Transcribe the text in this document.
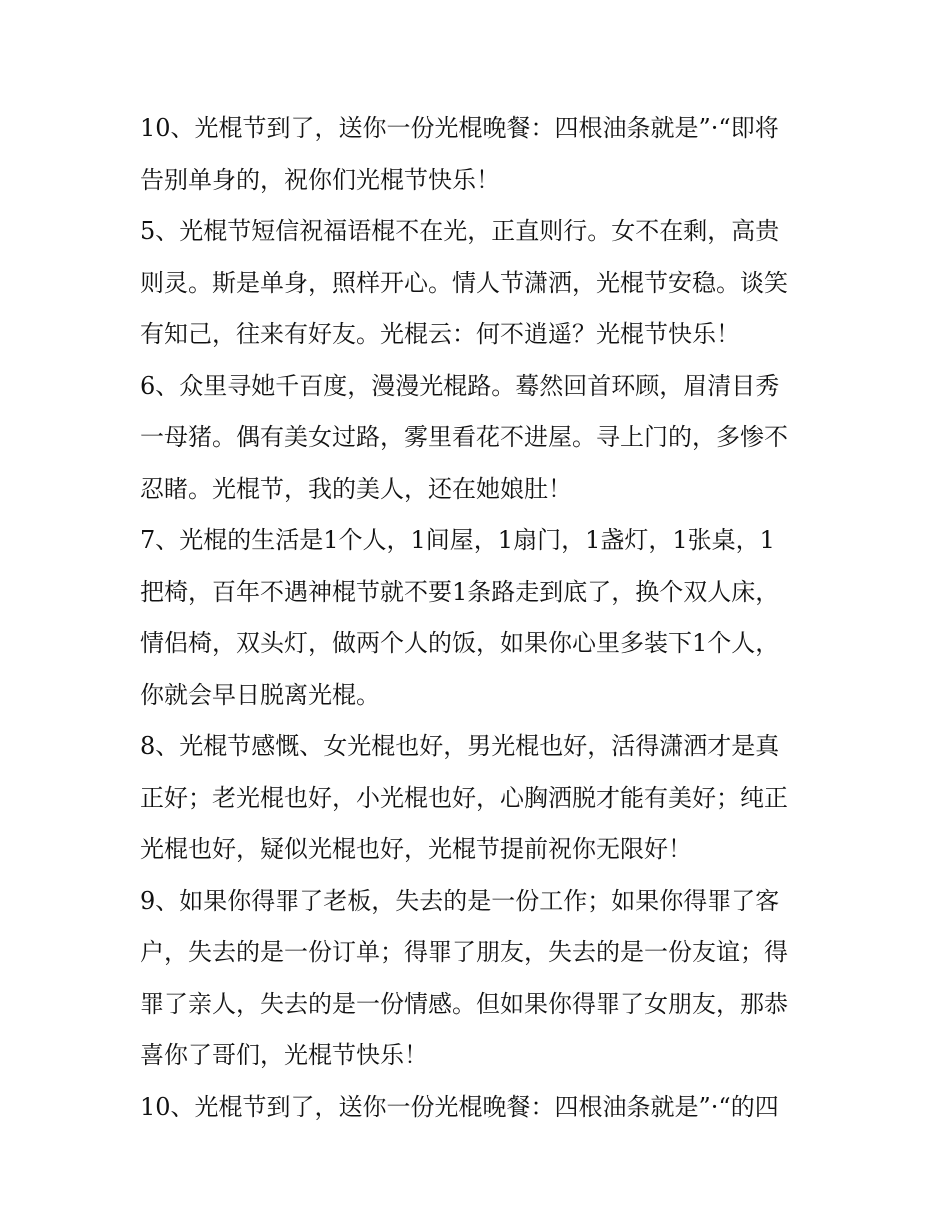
10、光棍节到了，送你一份光棍晚餐：四根油条就是”·“即将
告别单身的，祝你们光棍节快乐！
5、光棍节短信祝福语棍不在光，正直则行。女不在剩，高贵
则灵。斯是单身，照样开心。情人节潇洒，光棍节安稳。谈笑
有知己，往来有好友。光棍云：何不逍遥？光棍节快乐！
6、众里寻她千百度，漫漫光棍路。蓦然回首环顾，眉清目秀
一母猪。偶有美女过路，雾里看花不进屋。寻上门的，多惨不
忍睹。光棍节，我的美人，还在她娘肚！
7、光棍的生活是1个人，1间屋，1扇门，1盏灯，1张桌，1
把椅，百年不遇神棍节就不要1条路走到底了，换个双人床，
情侣椅，双头灯，做两个人的饭，如果你心里多装下1个人，
你就会早日脱离光棍。
8、光棍节感慨、女光棍也好，男光棍也好，活得潇洒才是真
正好；老光棍也好，小光棍也好，心胸洒脱才能有美好；纯正
光棍也好，疑似光棍也好，光棍节提前祝你无限好！
9、如果你得罪了老板，失去的是一份工作；如果你得罪了客
户，失去的是一份订单；得罪了朋友，失去的是一份友谊；得
罪了亲人，失去的是一份情感。但如果你得罪了女朋友，那恭
喜你了哥们，光棍节快乐！
10、光棍节到了，送你一份光棍晚餐：四根油条就是”·“的四
